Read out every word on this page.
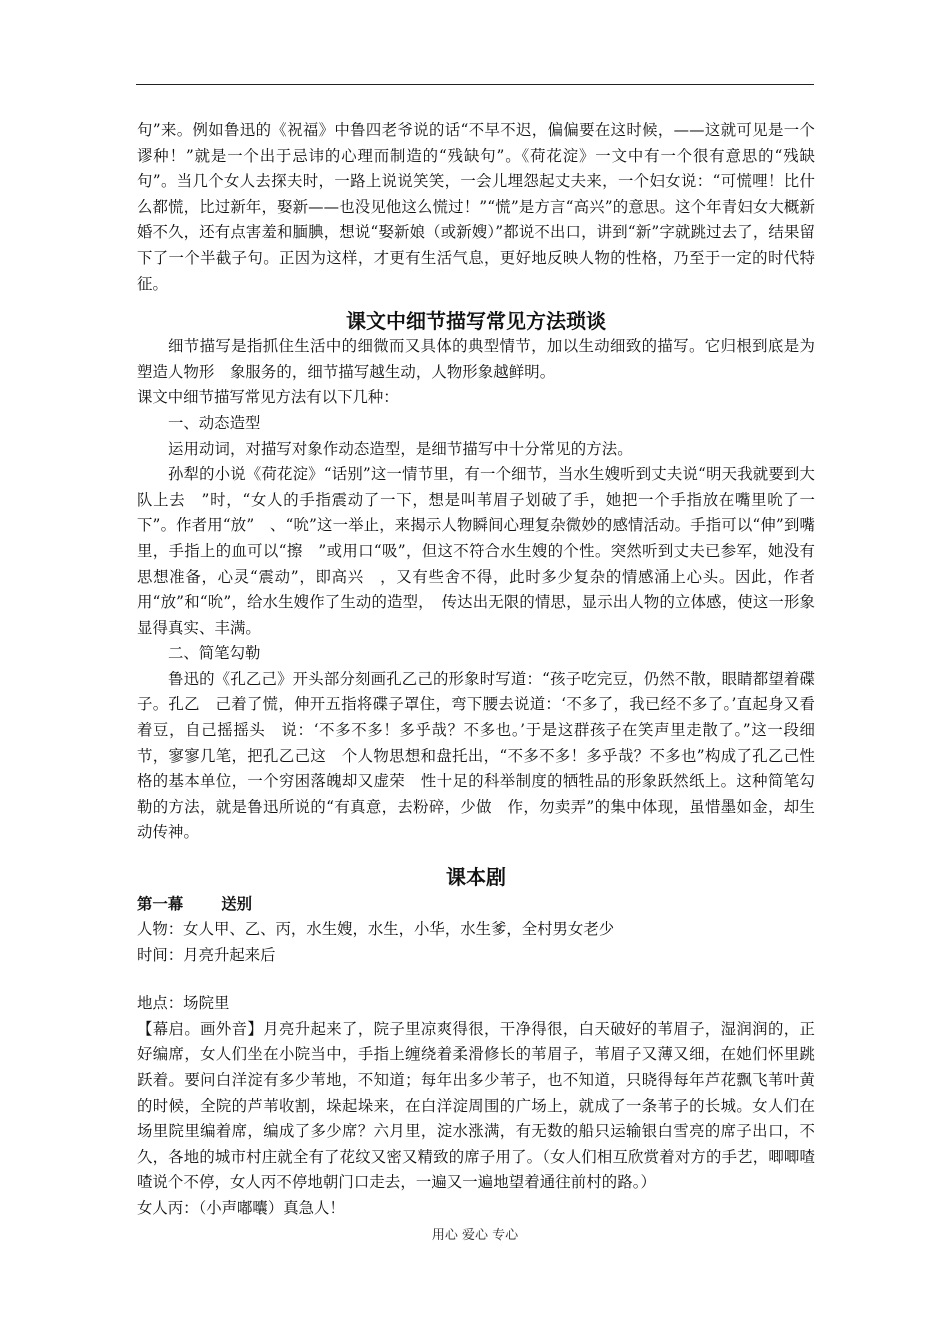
句”来。例如鲁迅的《祝福》中鲁四老爷说的话“不早不迟，偏偏要在这时候，——这就可见是一个谬种！”就是一个出于忌讳的心理而制造的“残缺句”。《荷花淀》一文中有一个很有意思的“残缺句”。当几个女人去探夫时，一路上说说笑笑，一会儿埋怨起丈夫来，一个妇女说：“可慌哩！比什么都慌，比过新年，娶新——也没见他这么慌过！”“慌”是方言“高兴”的意思。这个年青妇女大概新婚不久，还有点害羞和腼腆，想说“娶新娘（或新嫂）”都说不出口，讲到“新”字就跳过去了，结果留下了一个半截子句。正因为这样，才更有生活气息，更好地反映人物的性格，乃至于一定的时代特征。

课文中细节描写常见方法琐谈

细节描写是指抓住生活中的细微而又具体的典型情节，加以生动细致的描写。它归根到底是为塑造人物形　象服务的，细节描写越生动，人物形象越鲜明。

课文中细节描写常见方法有以下几种：

一、动态造型

运用动词，对描写对象作动态造型，是细节描写中十分常见的方法。

孙犁的小说《荷花淀》“话别”这一情节里，有一个细节，当水生嫂听到丈夫说“明天我就要到大队上去　”时，“女人的手指震动了一下，想是叫苇眉子划破了手，她把一个手指放在嘴里吮了一下”。作者用“放”　、“吮”这一举止，来揭示人物瞬间心理复杂微妙的感情活动。手指可以“伸”到嘴里，手指上的血可以“擦　”或用口“吸”，但这不符合水生嫂的个性。突然听到丈夫已参军，她没有思想准备，心灵“震动”，即高兴　，又有些舍不得，此时多少复杂的情感涌上心头。因此，作者用“放”和“吮”，给水生嫂作了生动的造型，　传达出无限的情思，显示出人物的立体感，使这一形象显得真实、丰满。

二、简笔勾勒

鲁迅的《孔乙己》开头部分刻画孔乙己的形象时写道：“孩子吃完豆，仍然不散，眼睛都望着碟子。孔乙　己着了慌，伸开五指将碟子罩住，弯下腰去说道：‘不多了，我已经不多了。’直起身又看着豆，自己摇摇头　说：‘不多不多！多乎哉？不多也。’于是这群孩子在笑声里走散了。”这一段细节，寥寥几笔，把孔乙己这　个人物思想和盘托出，“不多不多！多乎哉？不多也”构成了孔乙己性格的基本单位，一个穷困落魄却又虚荣　性十足的科举制度的牺牲品的形象跃然纸上。这种简笔勾勒的方法，就是鲁迅所说的“有真意，去粉碎，少做　作，勿卖弄”的集中体现，虽惜墨如金，却生动传神。

课本剧

第一幕 送别

人物：女人甲、乙、丙，水生嫂，水生，小华，水生爹，全村男女老少

时间：月亮升起来后

地点：场院里

【幕启。画外音】月亮升起来了，院子里凉爽得很，干净得很，白天破好的苇眉子，湿润润的，正好编席，女人们坐在小院当中，手指上缠绕着柔滑修长的苇眉子，苇眉子又薄又细，在她们怀里跳跃着。要问白洋淀有多少苇地，不知道；每年出多少苇子，也不知道，只晓得每年芦花飘飞苇叶黄的时候，全院的芦苇收割，垛起垛来，在白洋淀周围的广场上，就成了一条苇子的长城。女人们在场里院里编着席，编成了多少席？六月里，淀水涨满，有无数的船只运输银白雪亮的席子出口，不久，各地的城市村庄就全有了花纹又密又精致的席子用了。（女人们相互欣赏着对方的手艺，唧唧喳喳说个不停，女人丙不停地朝门口走去，一遍又一遍地望着通往前村的路。）

女人丙：（小声嘟囔）真急人！

用心 爱心 专心
